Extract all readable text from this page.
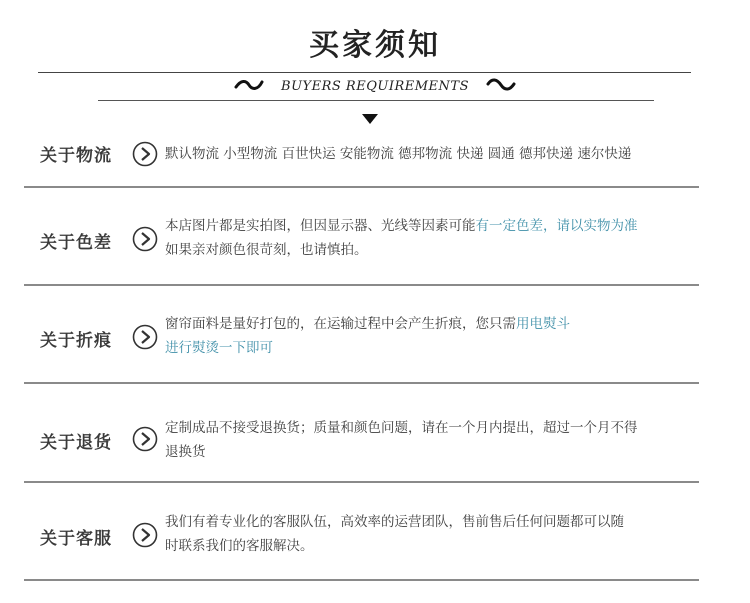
买家须知
BUYERS REQUIREMENTS
关于物流	默认物流 小型物流 百世快运 安能物流 德邦物流 快递 圆通 德邦快递 速尔快递
关于色差
本店图片都是实拍图，但因显示器、光线等因素可能有一定色差，请以实物为准
如果亲对颜色很苛刻，也请慎拍。
关于折痕
窗帘面料是量好打包的，在运输过程中会产生折痕，您只需用电熨斗
进行熨烫一下即可
关于退货
定制成品不接受退换货；质量和颜色问题，请在一个月内提出，超过一个月不得
退换货
关于客服
我们有着专业化的客服队伍，高效率的运营团队，售前售后任何问题都可以随
时联系我们的客服解决。
